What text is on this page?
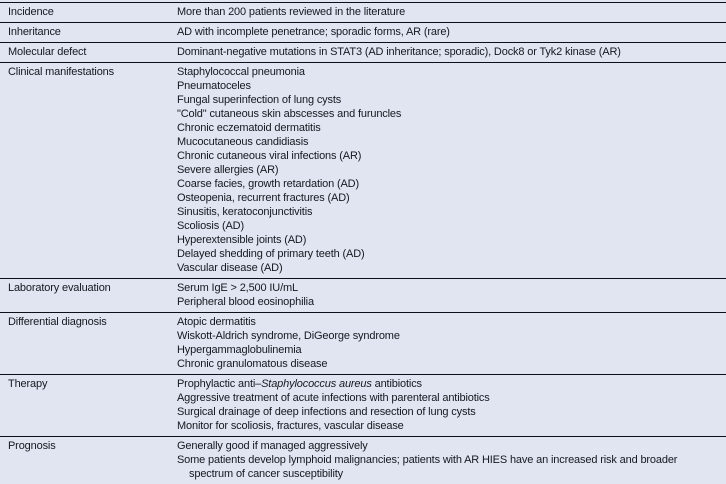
Incidence	More than 200 patients reviewed in the literature
Inheritance	AD with incomplete penetrance; sporadic forms, AR (rare)
Molecular defect	Dominant-negative mutations in STAT3 (AD inheritance; sporadic), Dock8 or Tyk2 kinase (AR)
Clinical manifestations	Staphylococcal pneumonia
Pneumatoceles
Fungal superinfection of lung cysts
"Cold" cutaneous skin abscesses and furuncles
Chronic eczematoid dermatitis
Mucocutaneous candidiasis
Chronic cutaneous viral infections (AR)
Severe allergies (AR)
Coarse facies, growth retardation (AD)
Osteopenia, recurrent fractures (AD)
Sinusitis, keratoconjunctivitis
Scoliosis (AD)
Hyperextensible joints (AD)
Delayed shedding of primary teeth (AD)
Vascular disease (AD)
Laboratory evaluation	Serum IgE > 2,500 IU/mL
Peripheral blood eosinophilia
Differential diagnosis	Atopic dermatitis
Wiskott-Aldrich syndrome, DiGeorge syndrome
Hypergammaglobulinemia
Chronic granulomatous disease
Therapy	Prophylactic anti–Staphylococcus aureus antibiotics
Aggressive treatment of acute infections with parenteral antibiotics
Surgical drainage of deep infections and resection of lung cysts
Monitor for scoliosis, fractures, vascular disease
Prognosis	Generally good if managed aggressively
Some patients develop lymphoid malignancies; patients with AR HIES have an increased risk and broader spectrum of cancer susceptibility
